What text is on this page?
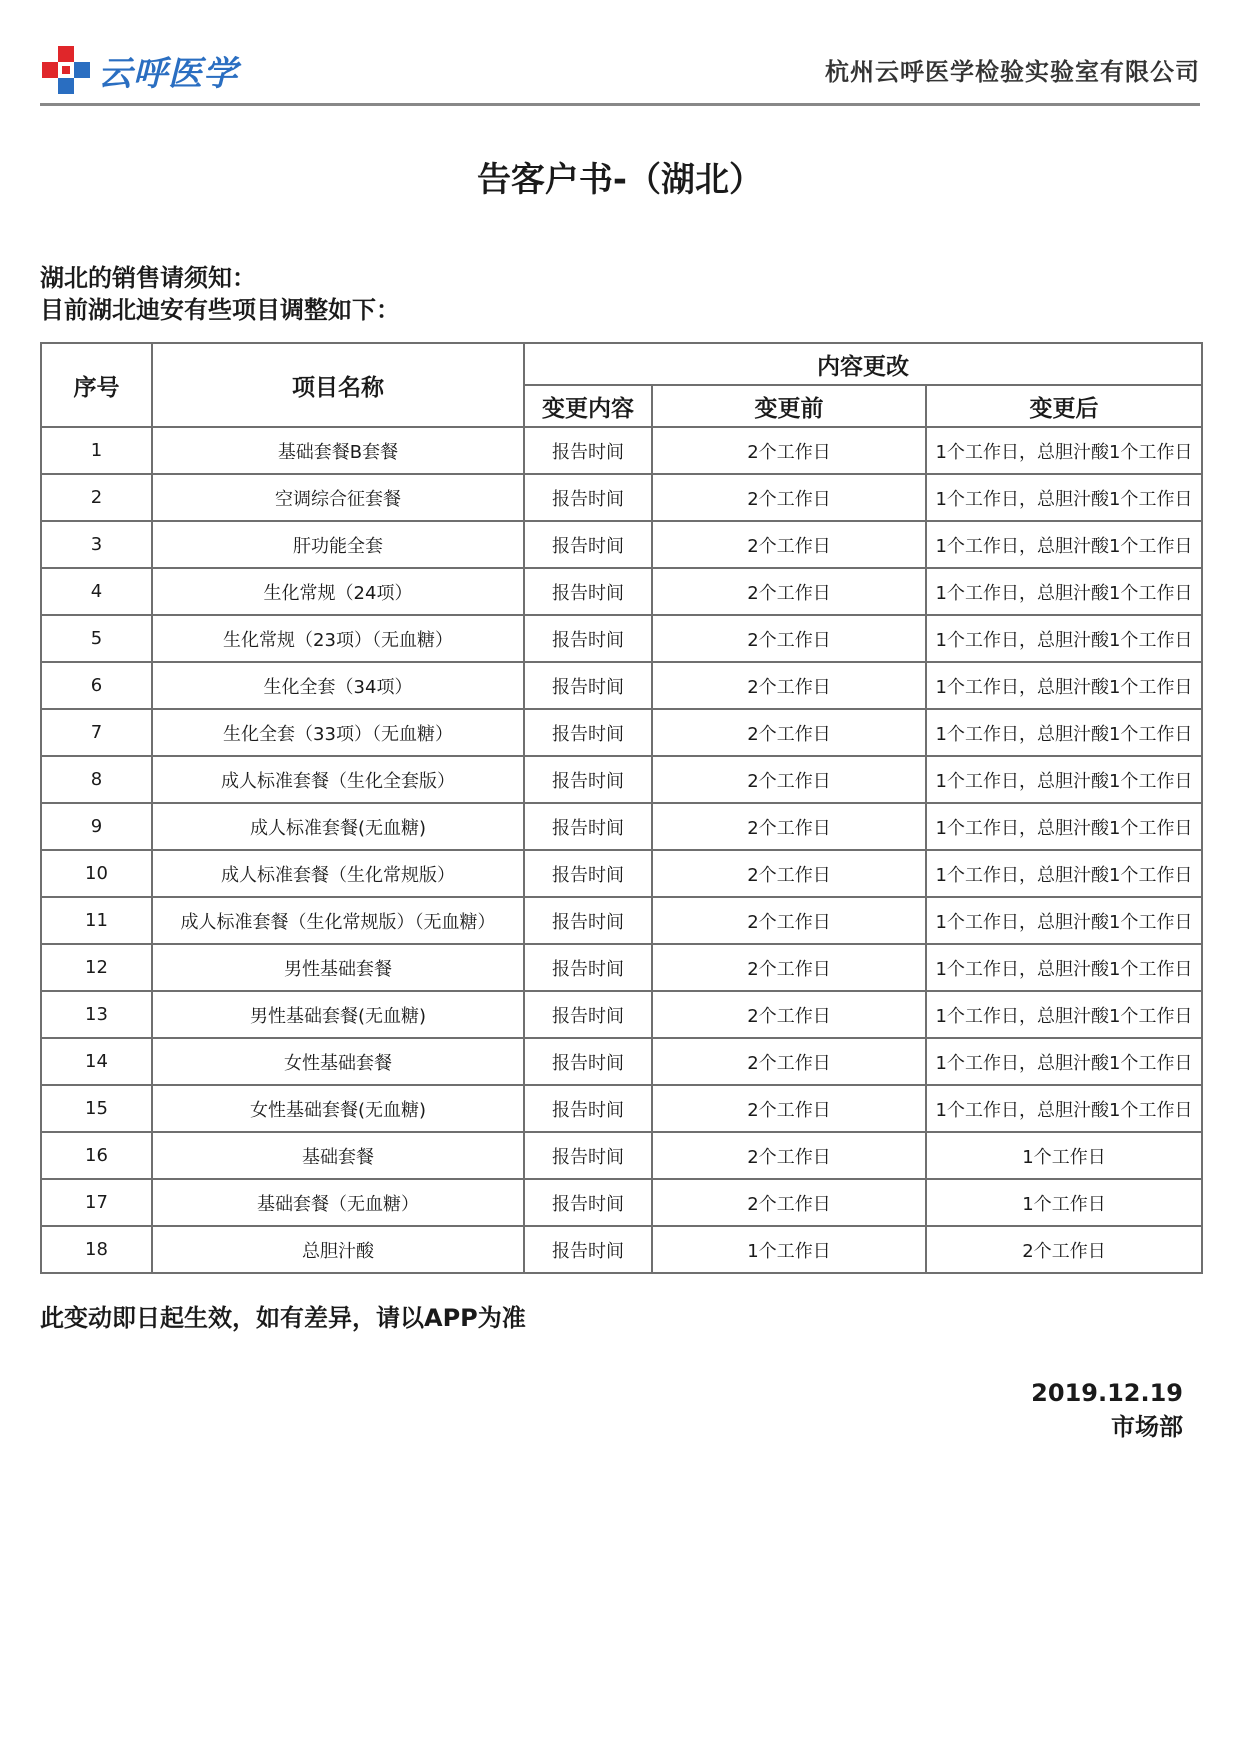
云呼医学	杭州云呼医学检验实验室有限公司
告客户书-（湖北）
湖北的销售请须知：
目前湖北迪安有些项目调整如下：
序号	项目名称	内容更改		
		变更内容	变更前	变更后
1	基础套餐B套餐	报告时间	2个工作日	1个工作日，总胆汁酸1个工作日
2	空调综合征套餐	报告时间	2个工作日	1个工作日，总胆汁酸1个工作日
3	肝功能全套	报告时间	2个工作日	1个工作日，总胆汁酸1个工作日
4	生化常规（24项）	报告时间	2个工作日	1个工作日，总胆汁酸1个工作日
5	生化常规（23项）（无血糖）	报告时间	2个工作日	1个工作日，总胆汁酸1个工作日
6	生化全套（34项）	报告时间	2个工作日	1个工作日，总胆汁酸1个工作日
7	生化全套（33项）（无血糖）	报告时间	2个工作日	1个工作日，总胆汁酸1个工作日
8	成人标准套餐（生化全套版）	报告时间	2个工作日	1个工作日，总胆汁酸1个工作日
9	成人标准套餐(无血糖)	报告时间	2个工作日	1个工作日，总胆汁酸1个工作日
10	成人标准套餐（生化常规版）	报告时间	2个工作日	1个工作日，总胆汁酸1个工作日
11	成人标准套餐（生化常规版）（无血糖）	报告时间	2个工作日	1个工作日，总胆汁酸1个工作日
12	男性基础套餐	报告时间	2个工作日	1个工作日，总胆汁酸1个工作日
13	男性基础套餐(无血糖)	报告时间	2个工作日	1个工作日，总胆汁酸1个工作日
14	女性基础套餐	报告时间	2个工作日	1个工作日，总胆汁酸1个工作日
15	女性基础套餐(无血糖)	报告时间	2个工作日	1个工作日，总胆汁酸1个工作日
16	基础套餐	报告时间	2个工作日	1个工作日
17	基础套餐（无血糖）	报告时间	2个工作日	1个工作日
18	总胆汁酸	报告时间	1个工作日	2个工作日
此变动即日起生效，如有差异，请以APP为准
2019.12.19
市场部
